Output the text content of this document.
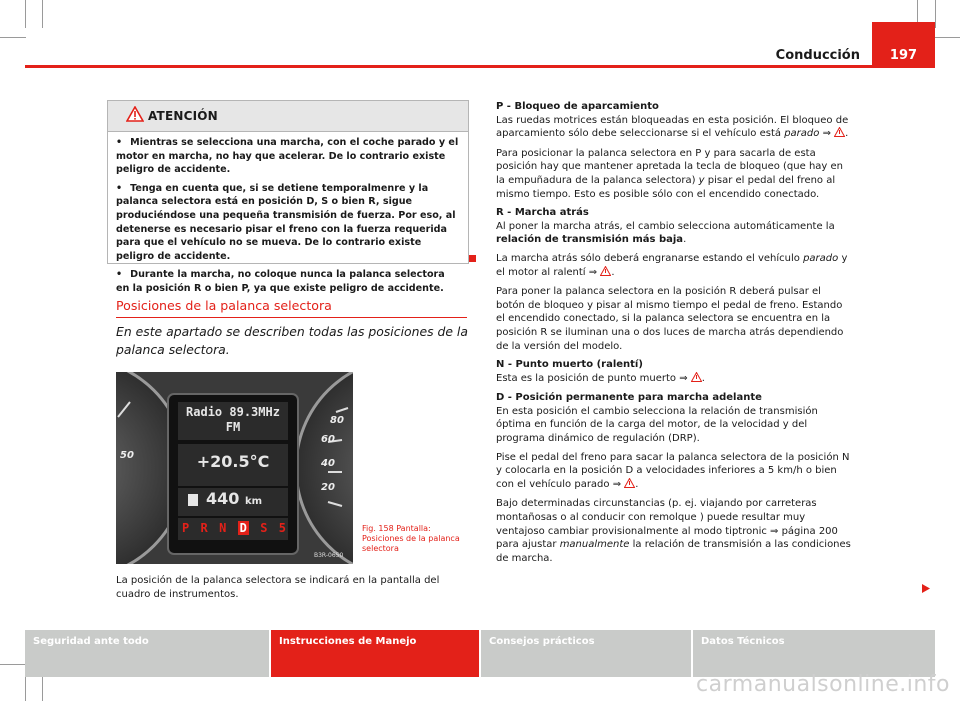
197
Conducción
ATENCIÓN

• Mientras se selecciona una marcha, con el coche parado y el motor en marcha, no hay que acelerar. De lo contrario existe peligro de accidente.

• Tenga en cuenta que, si se detiene temporalmenre y la palanca selectora está en posición D, S o bien R, sigue produciéndose una pequeña transmisión de fuerza. Por eso, al detenerse es necesario pisar el freno con la fuerza requerida para que el vehículo no se mueva. De lo contrario existe peligro de accidente.

• Durante la marcha, no coloque nunca la palanca selectora en la posición R o bien P, ya que existe peligro de accidente.

Posiciones de la palanca selectora
En este apartado se describen todas las posiciones de la palanca selectora.
Radio 89.3MHz
FM
+20.5°C
440 km
P R N D S 5
80
60
40
20
50
B3R-0650
Fig. 158 Pantalla: Posiciones de la palanca selectora
La posición de la palanca selectora se indicará en la pantalla del cuadro de instrumentos.
P - Bloqueo de aparcamiento
Las ruedas motrices están bloqueadas en esta posición. El bloqueo de aparcamiento sólo debe seleccionarse si el vehículo está parado ⇒ .
Para posicionar la palanca selectora en P y para sacarla de esta posición hay que mantener apretada la tecla de bloqueo (que hay en la empuñadura de la palanca selectora) y pisar el pedal del freno al mismo tiempo. Esto es posible sólo con el encendido conectado.
R - Marcha atrás
Al poner la marcha atrás, el cambio selecciona automáticamente la relación de transmisión más baja.
La marcha atrás sólo deberá engranarse estando el vehículo parado y el motor al ralentí ⇒ .
Para poner la palanca selectora en la posición R deberá pulsar el botón de bloqueo y pisar al mismo tiempo el pedal de freno. Estando el encendido conectado, si la palanca selectora se encuentra en la posición R se iluminan una o dos luces de marcha atrás dependiendo de la versión del modelo.
N - Punto muerto (ralentí)
Esta es la posición de punto muerto ⇒ .
D - Posición permanente para marcha adelante
En esta posición el cambio selecciona la relación de transmisión óptima en función de la carga del motor, de la velocidad y del programa dinámico de regulación (DRP).
Pise el pedal del freno para sacar la palanca selectora de la posición N y colocarla en la posición D a velocidades inferiores a 5 km/h o bien con el vehículo parado ⇒ .
Bajo determinadas circunstancias (p. ej. viajando por carreteras montañosas o al conducir con remolque ) puede resultar muy ventajoso cambiar provisionalmente al modo tiptronic ⇒ página 200 para ajustar manualmente la relación de transmisión a las condiciones de marcha.
Seguridad ante todo	Instrucciones de Manejo	Consejos prácticos	Datos Técnicos
carmanualsonline.info
